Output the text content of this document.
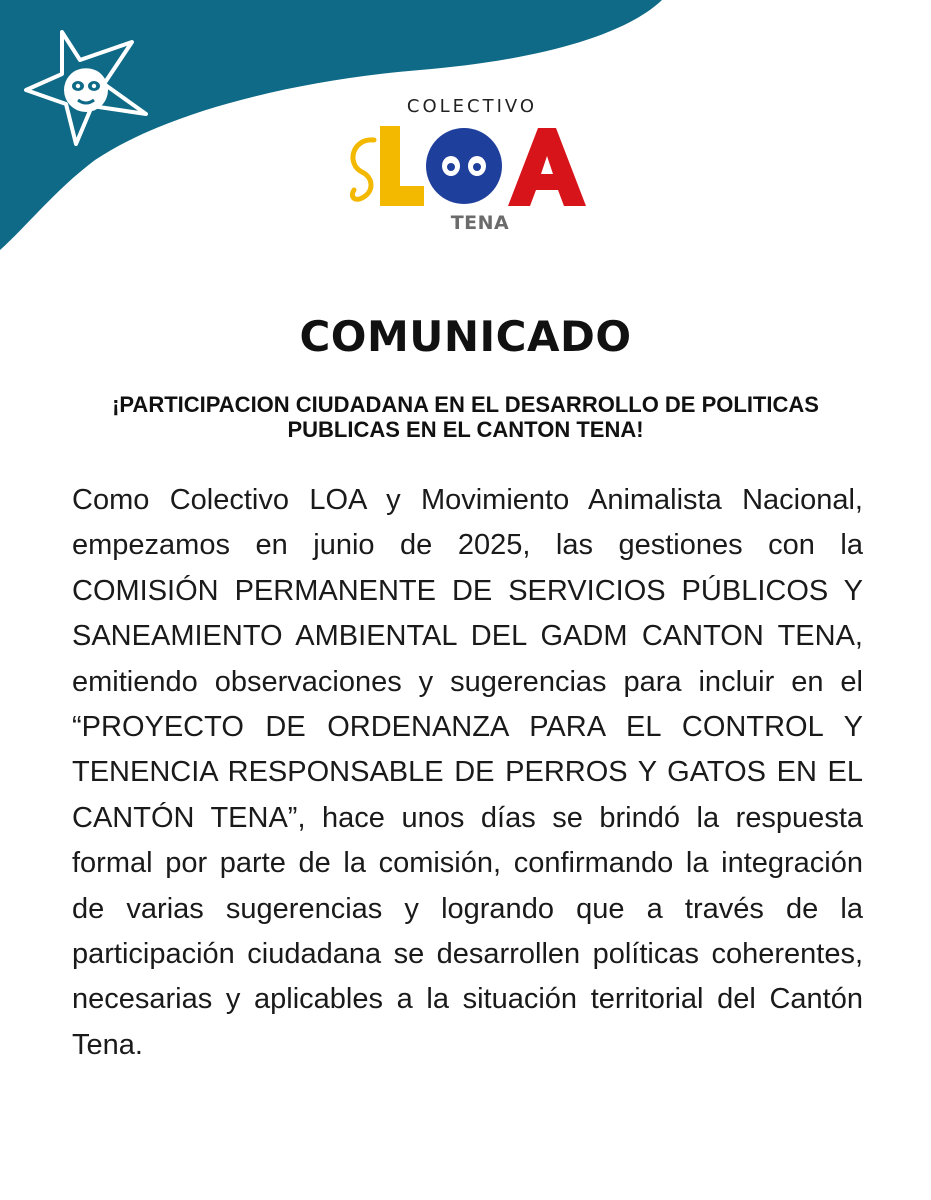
COLECTIVO
TENA
COMUNICADO
¡PARTICIPACION CIUDADANA EN EL DESARROLLO DE POLITICAS PUBLICAS EN EL CANTON TENA!

Como Colectivo LOA y Movimiento Animalista Nacional, empezamos en junio de 2025, las gestiones con la COMISIÓN PERMANENTE DE SERVICIOS PÚBLICOS Y SANEAMIENTO AMBIENTAL DEL GADM CANTON TENA, emitiendo observaciones y sugerencias para incluir en el “PROYECTO DE ORDENANZA PARA EL CONTROL Y TENENCIA RESPONSABLE DE PERROS Y GATOS EN EL CANTÓN TENA”, hace unos días se brindó la respuesta formal por parte de la comisión, confirmando la integración de varias sugerencias y logrando que a través de la participación ciudadana se desarrollen políticas coherentes, necesarias y aplicables a la situación territorial del Cantón Tena.
